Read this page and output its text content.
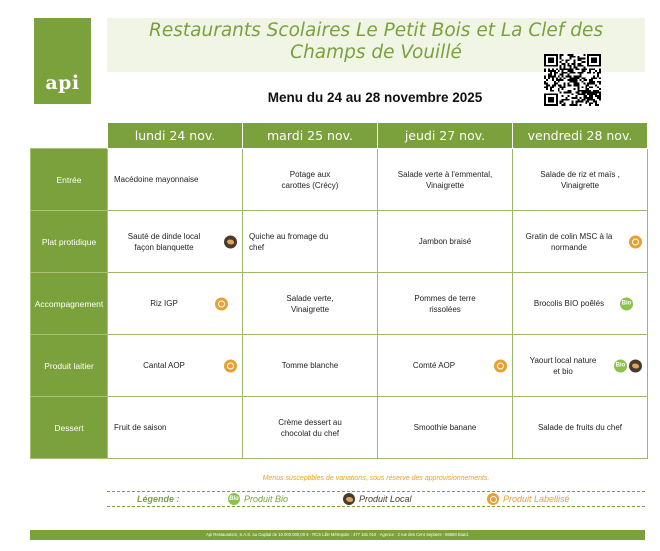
api
Restaurants Scolaires Le Petit Bois et La Clef des
Champs de Vouillé
Menu du 24 au 28 novembre 2025
	lundi 24 nov.	mardi 25 nov.	jeudi 27 nov.	vendredi 28 nov.
Entrée	Macédoine mayonnaise	Potage aux carottes (Crécy)	Salade verte à l'emmental, Vinaigrette	Salade de riz et maïs , Vinaigrette
Plat protidique	Sauté de dinde local façon blanquette	Quiche au fromage du chef	Jambon braisé	Gratin de colin MSC à la normande

Accompagnement	Riz IGP	Salade verte, Vinaigrette	Pommes de terre rissolées	Brocolis BIO poêlés Bio

Produit laitier	Cantal AOP	Tomme blanche	Comté AOP	Yaourt local nature et bio
Bio

Dessert	Fruit de saison	Crème dessert au chocolat du chef	Smoothie banane	Salade de fruits du chef
Menus susceptibles de variations, sous réserve des approvisionnements.
Légende :	Bio Produit Bio	Produit Local	Produit Labellisé
Api Restauration, S.A.S. au Capital de 10.000.000,00 € - RCS Lille Métropole : 477 181 010 - Agence : 2 rue des Cent Septiers - 86580 Biard.
